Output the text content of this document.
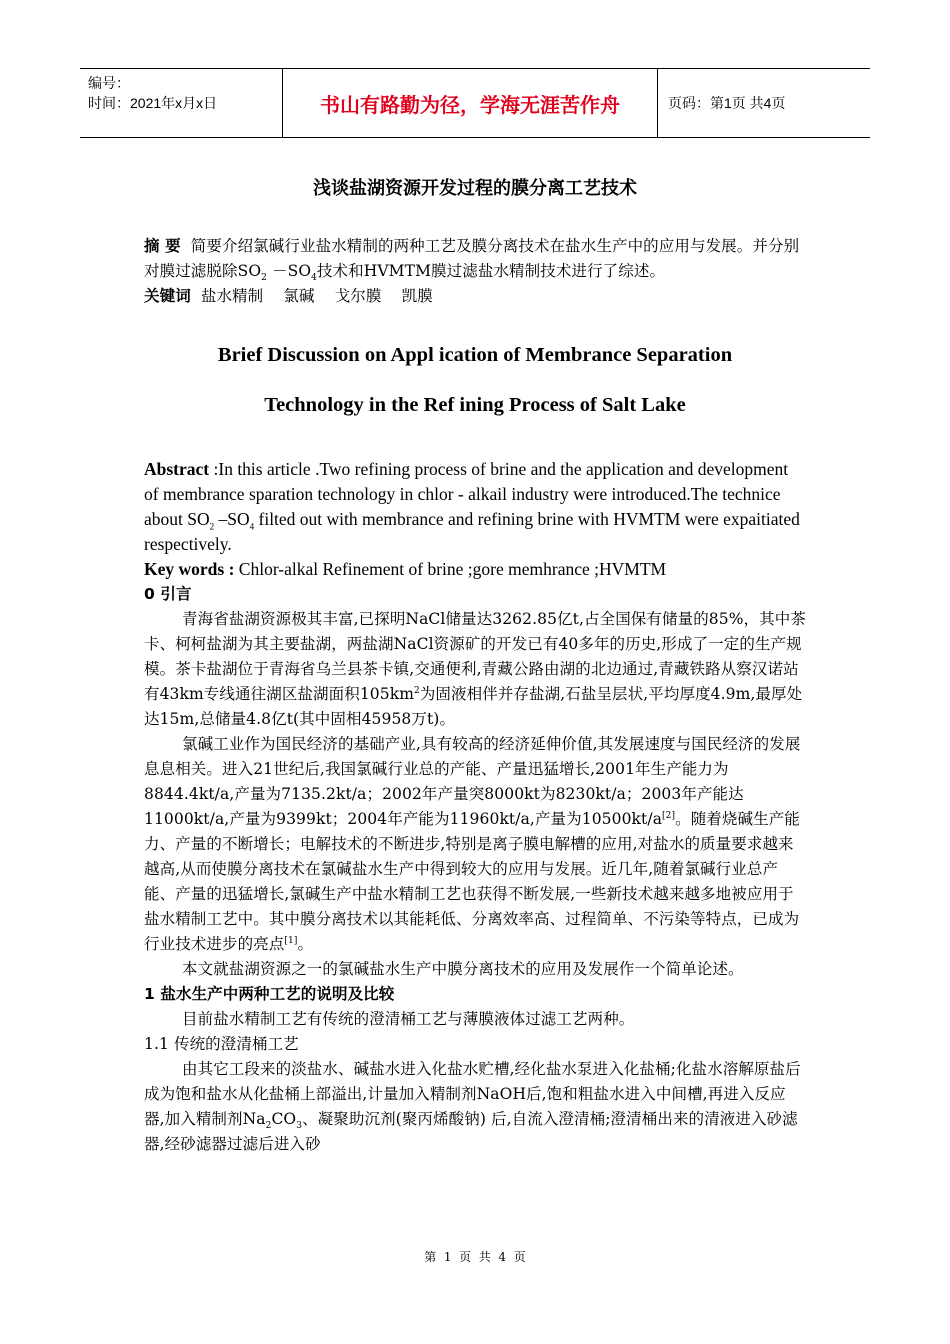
编号：
时间：2021年x月x日	书山有路勤为径，学海无涯苦作舟	页码：第1页 共4页
浅谈盐湖资源开发过程的膜分离工艺技术

摘 要 简要介绍氯碱行业盐水精制的两种工艺及膜分离技术在盐水生产中的应用与发展。并分别对膜过滤脱除$SO_2 -SO_4$技术和HVMTM膜过滤盐水精制技术进行了综述。

关键词 盐水精制    氯碱    戈尔膜    凯膜

Brief Discussion on Appl ication of Membrance Separation
Technology in the Ref ining Process of Salt Lake

Abstract :In this article .Two refining process of brine and the application and development of membrance sparation technology in chlor - alkail industry were introduced.The technice about $SO_2$ $-SO_4$ filted out with membrance and refining brine with HVMTM were expaitiated respectively.

Key words : Chlor-alkal Refinement of brine ;gore memhrance ;HVMTM

0 引言

青海省盐湖资源极其丰富,已探明NaCl储量达3262.85亿t,占全国保有储量的85%，其中茶卡、柯柯盐湖为其主要盐湖，两盐湖NaCl资源矿的开发已有40多年的历史,形成了一定的生产规模。茶卡盐湖位于青海省乌兰县茶卡镇,交通便利,青藏公路由湖的北边通过,青藏铁路从察汉诺站有43km专线通往湖区盐湖面积$105km^2$为固液相伴并存盐湖,石盐呈层状,平均厚度4.9m,最厚处达15m,总储量4.8亿t(其中固相45958万t)。

氯碱工业作为国民经济的基础产业,具有较高的经济延伸价值,其发展速度与国民经济的发展息息相关。进入21世纪后,我国氯碱行业总的产能、产量迅猛增长,2001年生产能力为8844.4kt/a,产量为7135.2kt/a；2002年产量突8000kt为8230kt/a；2003年产能达11000kt/a,产量为9399kt；2004年产能为11960kt/a,产量为10500kt/a[2]。随着烧碱生产能力、产量的不断增长；电解技术的不断进步,特别是离子膜电解槽的应用,对盐水的质量要求越来越高,从而使膜分离技术在氯碱盐水生产中得到较大的应用与发展。近几年,随着氯碱行业总产能、产量的迅猛增长,氯碱生产中盐水精制工艺也获得不断发展,一些新技术越来越多地被应用于盐水精制工艺中。其中膜分离技术以其能耗低、分离效率高、过程简单、不污染等特点，已成为行业技术进步的亮点[1]。

本文就盐湖资源之一的氯碱盐水生产中膜分离技术的应用及发展作一个简单论述。

1 盐水生产中两种工艺的说明及比较

目前盐水精制工艺有传统的澄清桶工艺与薄膜液体过滤工艺两种。

1.1 传统的澄清桶工艺

由其它工段来的淡盐水、碱盐水进入化盐水贮槽,经化盐水泵进入化盐桶;化盐水溶解原盐后成为饱和盐水从化盐桶上部溢出,计量加入精制剂NaOH后,饱和粗盐水进入中间槽,再进入反应器,加入精制剂$Na_2CO_3$、凝聚助沉剂(聚丙烯酸钠) 后,自流入澄清桶;澄清桶出来的清液进入砂滤器,经砂滤器过滤后进入砂

第  1  页  共  4  页
